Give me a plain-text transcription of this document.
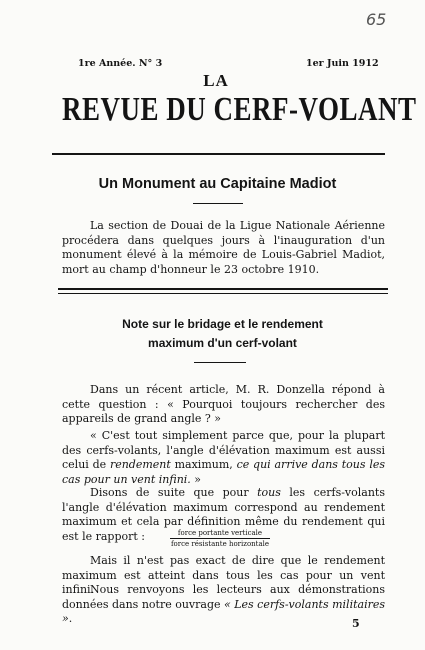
65
1re Année. N° 3	1er Juin 1912
LA
REVUE DU CERF-VOLANT
Un Monument au Capitaine Madiot
La section de Douai de la Ligue Nationale Aérienne procédera dans quelques jours à l'inauguration d'un monument élevé à la mémoire de Louis-Gabriel Madiot, mort au champ d'honneur le 23 octobre 1910.
Note sur le bridage et le rendement
maximum d'un cerf-volant
Dans un récent article, M. R. Donzella répond à cette question : « Pourquoi toujours rechercher des appareils de grand angle ? »
« C'est tout simplement parce que, pour la plupart des cerfs-volants, l'angle d'élévation maximum est aussi celui de rendement maximum, ce qui arrive dans tous les cas pour un vent infini. »
Disons de suite que pour tous les cerfs-volants l'angle d'élévation maximum correspond au rendement maximum et cela par définition même du rendement qui est le rapport :	force portante verticale
force résistante horizontale
Mais il n'est pas exact de dire que le rendement maximum est atteint dans tous les cas pour un vent infini.
Nous renvoyons les lecteurs aux démonstrations données dans notre ouvrage « Les cerfs-volants militaires ».	5
